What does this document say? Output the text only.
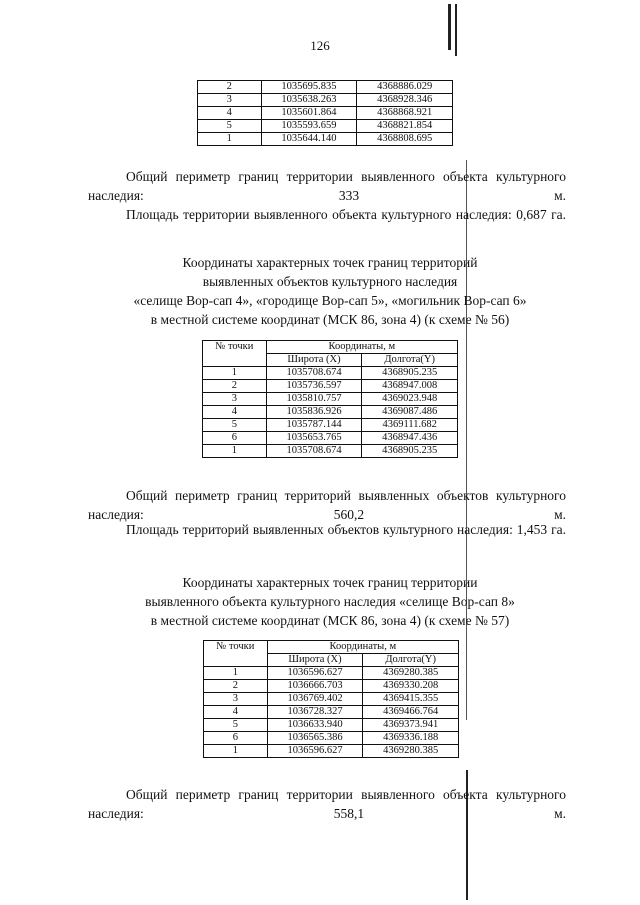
126
2	1035695.835	4368886.029
3	1035638.263	4368928.346
4	1035601.864	4368868.921
5	1035593.659	4368821.854
1	1035644.140	4368808.695

Общий периметр границ территории выявленного объекта культурного наследия: 333 м.

Площадь территории выявленного объекта культурного наследия: 0,687 га.

Координаты характерных точек границ территорий
выявленных объектов культурного наследия
«селище Вор-сап 4», «городище Вор-сап 5», «могильник Вор-сап 6»
в местной системе координат (МСК 86, зона 4) (к схеме № 56)
№ точки	Координаты, м	
	Широта (Х)	Долгота(Y)
1	1035708.674	4368905.235
2	1035736.597	4368947.008
3	1035810.757	4369023.948
4	1035836.926	4369087.486
5	1035787.144	4369111.682
6	1035653.765	4368947.436
1	1035708.674	4368905.235

Общий периметр границ территорий выявленных объектов культурного наследия: 560,2 м.

Площадь территорий выявленных объектов культурного наследия: 1,453 га.

Координаты характерных точек границ территории
выявленного объекта культурного наследия «селище Вор-сап 8»
в местной системе координат (МСК 86, зона 4) (к схеме № 57)
№ точки	Координаты, м	
	Широта (Х)	Долгота(Y)
1	1036596.627	4369280.385
2	1036666.703	4369330.208
3	1036769.402	4369415.355
4	1036728.327	4369466.764
5	1036633.940	4369373.941
6	1036565.386	4369336.188
1	1036596.627	4369280.385

Общий периметр границ территории выявленного объекта культурного наследия: 558,1 м.
